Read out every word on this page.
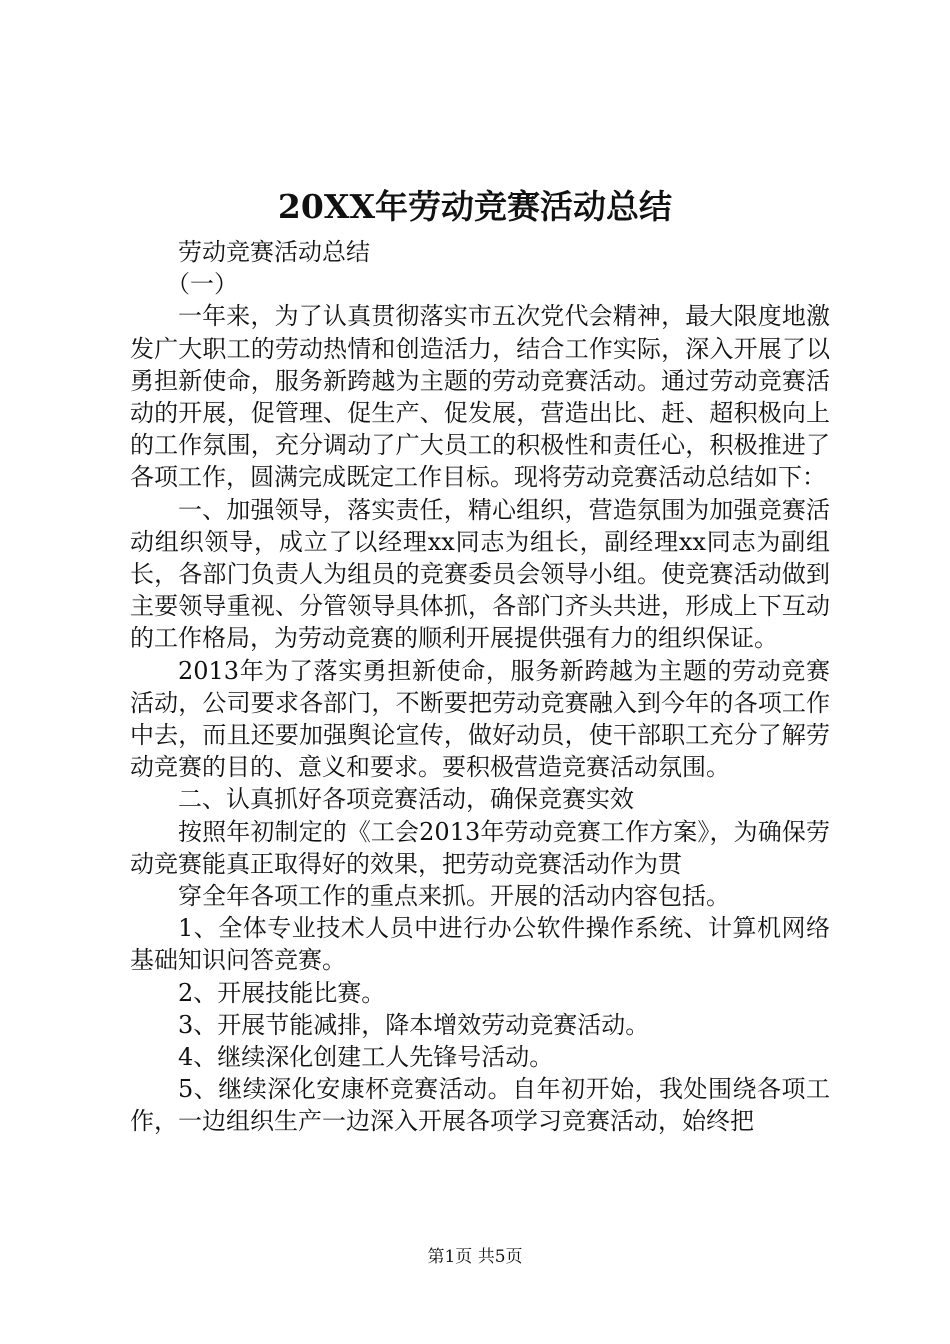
20XX年劳动竞赛活动总结

劳动竞赛活动总结

（一）

一年来，为了认真贯彻落实市五次党代会精神，最大限度地激发广大职工的劳动热情和创造活力，结合工作实际，深入开展了以勇担新使命，服务新跨越为主题的劳动竞赛活动。通过劳动竞赛活动的开展，促管理、促生产、促发展，营造出比、赶、超积极向上的工作氛围，充分调动了广大员工的积极性和责任心，积极推进了各项工作，圆满完成既定工作目标。现将劳动竞赛活动总结如下：

一、加强领导，落实责任，精心组织，营造氛围为加强竞赛活动组织领导，成立了以经理xx同志为组长，副经理xx同志为副组长，各部门负责人为组员的竞赛委员会领导小组。使竞赛活动做到主要领导重视、分管领导具体抓，各部门齐头共进，形成上下互动的工作格局，为劳动竞赛的顺利开展提供强有力的组织保证。

2013年为了落实勇担新使命，服务新跨越为主题的劳动竞赛活动，公司要求各部门，不断要把劳动竞赛融入到今年的各项工作中去，而且还要加强舆论宣传，做好动员，使干部职工充分了解劳动竞赛的目的、意义和要求。要积极营造竞赛活动氛围。

二、认真抓好各项竞赛活动，确保竞赛实效

按照年初制定的《工会2013年劳动竞赛工作方案》，为确保劳动竞赛能真正取得好的效果，把劳动竞赛活动作为贯

穿全年各项工作的重点来抓。开展的活动内容包括。

1、全体专业技术人员中进行办公软件操作系统、计算机网络基础知识问答竞赛。

2、开展技能比赛。

3、开展节能减排，降本增效劳动竞赛活动。

4、继续深化创建工人先锋号活动。

5、继续深化安康杯竞赛活动。自年初开始，我处围绕各项工作，一边组织生产一边深入开展各项学习竞赛活动，始终把

第1页 共5页
